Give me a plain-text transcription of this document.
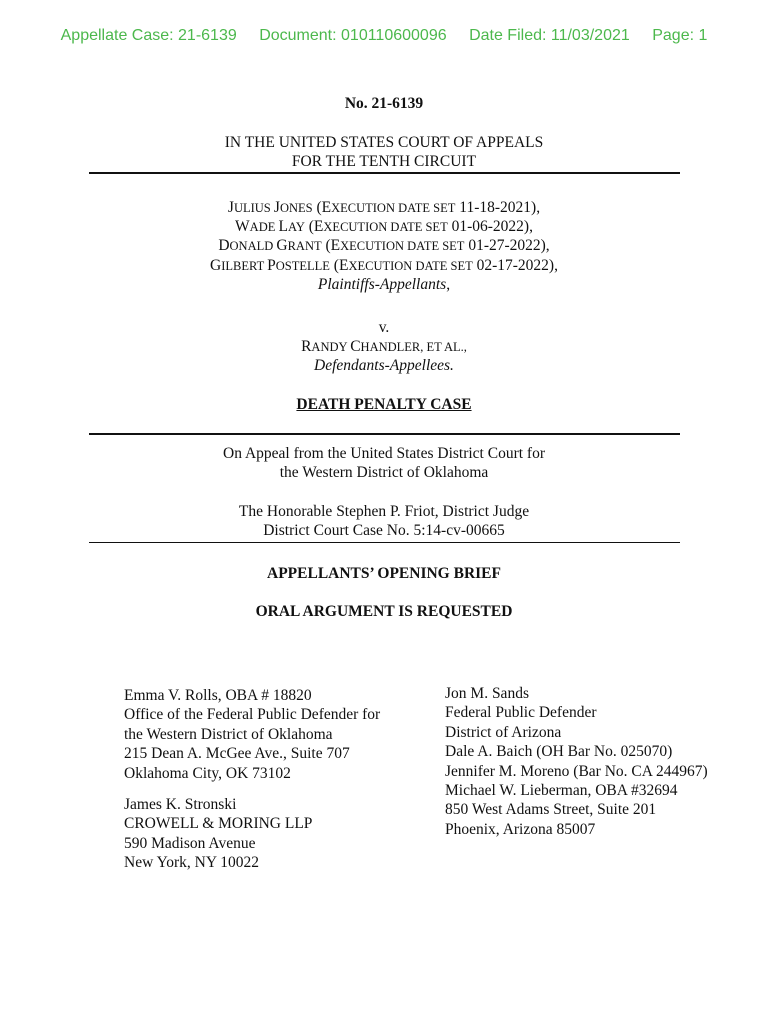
Appellate Case: 21-6139 Document: 010110600096 Date Filed: 11/03/2021 Page: 1
No. 21-6139
IN THE UNITED STATES COURT OF APPEALS
FOR THE TENTH CIRCUIT
JULIUS JONES (EXECUTION DATE SET 11-18-2021),
WADE LAY (EXECUTION DATE SET 01-06-2022),
DONALD GRANT (EXECUTION DATE SET 01-27-2022),
GILBERT POSTELLE (EXECUTION DATE SET 02-17-2022),
Plaintiffs-Appellants,
v.
RANDY CHANDLER, ET AL.,
Defendants-Appellees.
DEATH PENALTY CASE
On Appeal from the United States District Court for
the Western District of Oklahoma
The Honorable Stephen P. Friot, District Judge
District Court Case No. 5:14-cv-00665
APPELLANTS’ OPENING BRIEF
ORAL ARGUMENT IS REQUESTED
Emma V. Rolls, OBA # 18820
Office of the Federal Public Defender for
the Western District of Oklahoma
215 Dean A. McGee Ave., Suite 707
Oklahoma City, OK 73102
James K. Stronski
CROWELL & MORING LLP
590 Madison Avenue
New York, NY 10022
Jon M. Sands
Federal Public Defender
District of Arizona
Dale A. Baich (OH Bar No. 025070)
Jennifer M. Moreno (Bar No. CA 244967)
Michael W. Lieberman, OBA #32694
850 West Adams Street, Suite 201
Phoenix, Arizona 85007
